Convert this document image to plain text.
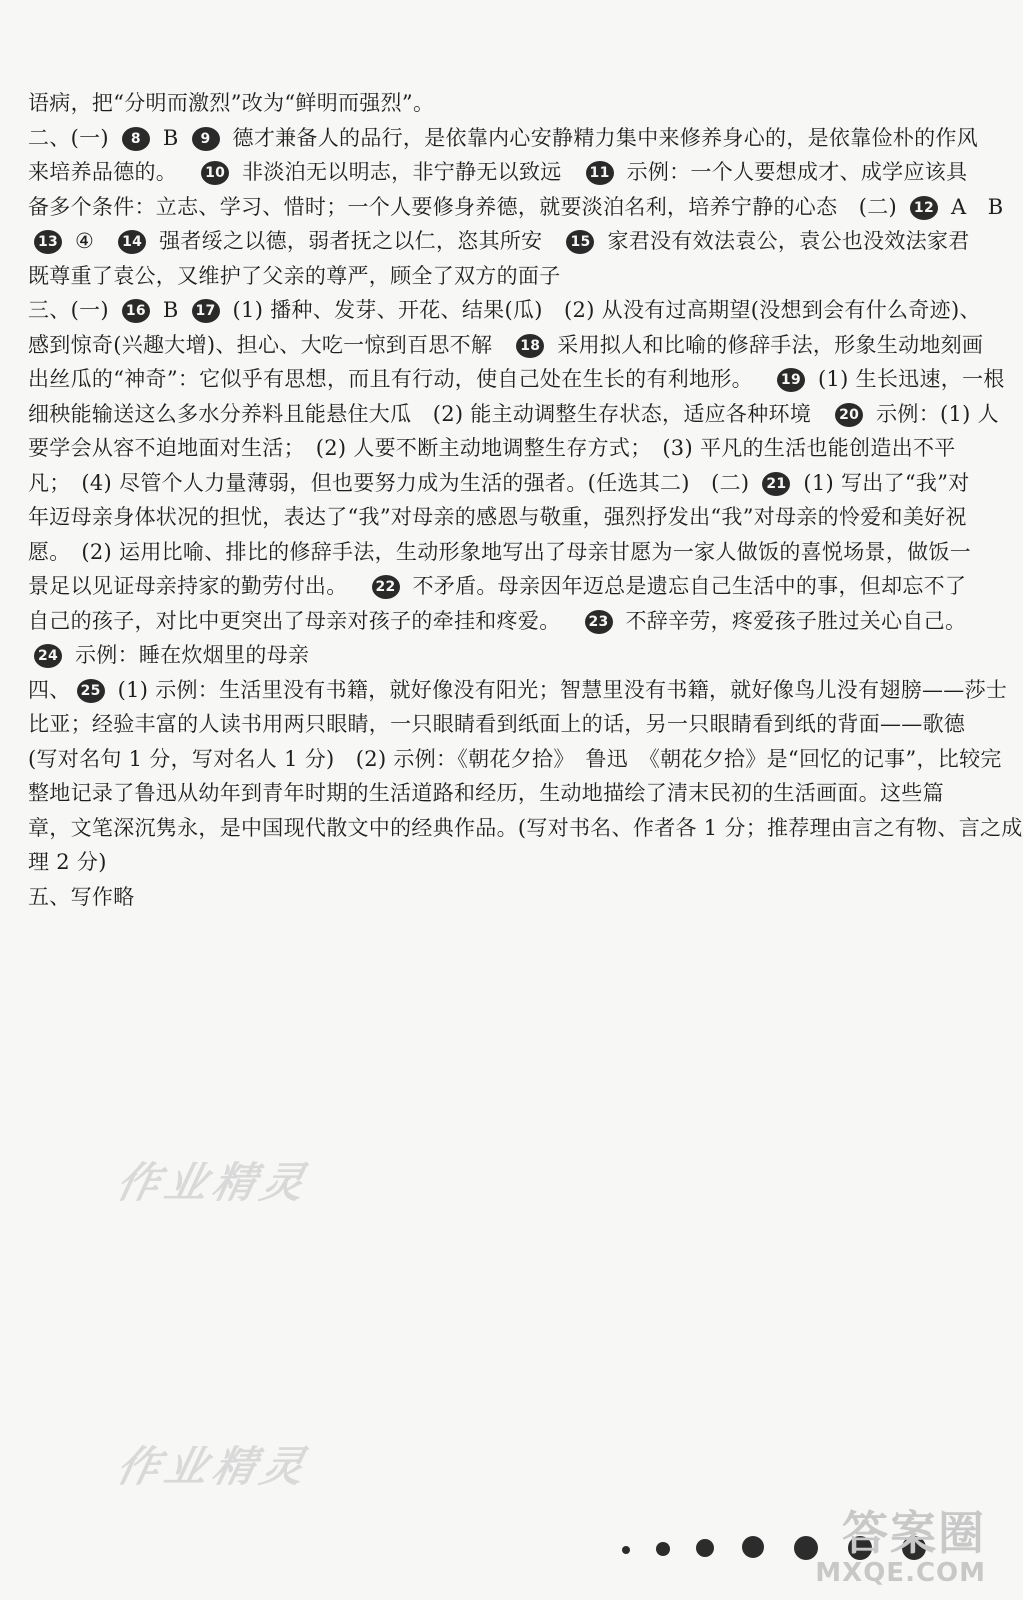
语病，把“分明而激烈”改为“鲜明而强烈”。
二、(一) 8 B 9 德才兼备人的品行，是依靠内心安静精力集中来修养身心的，是依靠俭朴的作风
来培养品德的。 10 非淡泊无以明志，非宁静无以致远 11 示例：一个人要想成才、成学应该具
备多个条件：立志、学习、惜时；一个人要修身养德，就要淡泊名利，培养宁静的心态　(二) 12 A　B
13 ④ 14 强者绥之以德，弱者抚之以仁，恣其所安 15 家君没有效法袁公，袁公也没效法家君
既尊重了袁公，又维护了父亲的尊严，顾全了双方的面子
三、(一) 16 B 17 (1) 播种、发芽、开花、结果(瓜)　(2) 从没有过高期望(没想到会有什么奇迹)、
感到惊奇(兴趣大增)、担心、大吃一惊到百思不解 18 采用拟人和比喻的修辞手法，形象生动地刻画
出丝瓜的“神奇”：它似乎有思想，而且有行动，使自己处在生长的有利地形。 19 (1) 生长迅速，一根
细秧能输送这么多水分养料且能悬住大瓜　(2) 能主动调整生存状态，适应各种环境 20 示例：(1) 人
要学会从容不迫地面对生活；　(2) 人要不断主动地调整生存方式；　(3) 平凡的生活也能创造出不平
凡；　(4) 尽管个人力量薄弱，但也要努力成为生活的强者。(任选其二)　(二) 21 (1) 写出了“我”对
年迈母亲身体状况的担忧，表达了“我”对母亲的感恩与敬重，强烈抒发出“我”对母亲的怜爱和美好祝
愿。　(2) 运用比喻、排比的修辞手法，生动形象地写出了母亲甘愿为一家人做饭的喜悦场景，做饭一
景足以见证母亲持家的勤劳付出。 22 不矛盾。母亲因年迈总是遗忘自己生活中的事，但却忘不了
自己的孩子，对比中更突出了母亲对孩子的牵挂和疼爱。 23 不辞辛劳，疼爱孩子胜过关心自己。
24 示例：睡在炊烟里的母亲
四、 25 (1) 示例：生活里没有书籍，就好像没有阳光；智慧里没有书籍，就好像鸟儿没有翅膀——莎士
比亚；经验丰富的人读书用两只眼睛，一只眼睛看到纸面上的话，另一只眼睛看到纸的背面——歌德
(写对名句 1 分，写对名人 1 分)　(2) 示例：《朝花夕拾》　鲁迅　《朝花夕拾》是“回忆的记事”，比较完
整地记录了鲁迅从幼年到青年时期的生活道路和经历，生动地描绘了清末民初的生活画面。这些篇
章，文笔深沉隽永，是中国现代散文中的经典作品。(写对书名、作者各 1 分；推荐理由言之有物、言之成
理 2 分)
五、写作略
作业精灵
作业精灵
答案圈
MXQE.COM
